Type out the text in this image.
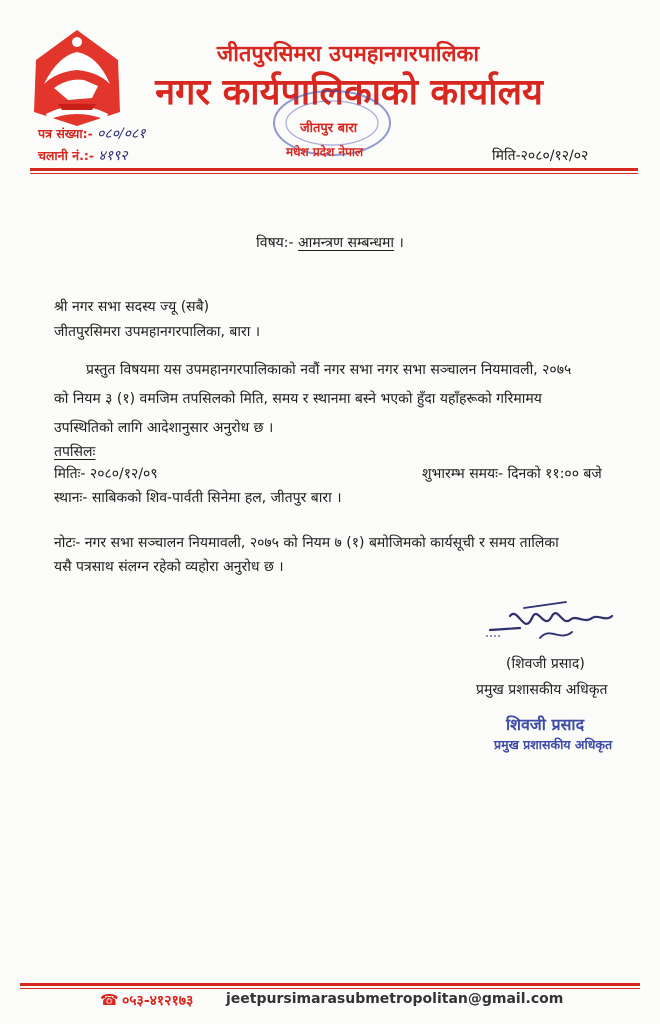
जीतपुरसिमरा उपमहानगरपालिका
नगर कार्यपालिकाको कार्यालय
जीतपुर बारा
मधेश प्रदेश नेपाल
पत्र संख्या:- ०८०/०८१
चलानी नं.:- ४१९२	मिति-२०८०/१२/०२
विषय:- आमन्त्रण सम्बन्धमा ।
श्री नगर सभा सदस्य ज्यू (सबै)
जीतपुरसिमरा उपमहानगरपालिका, बारा ।
प्रस्तुत विषयमा यस उपमहानगरपालिकाको नवौं नगर सभा नगर सभा सञ्चालन नियमावली, २०७५
को नियम ३ (१) वमजिम तपसिलको मिति, समय र स्थानमा बस्ने भएको हुँदा यहाँहरूको गरिमामय
उपस्थितिको लागि आदेशानुसार अनुरोध छ ।
तपसिलः
मितिः- २०८०/१२/०९	शुभारम्भ समयः- दिनको ११:०० बजे
स्थानः- साबिकको शिव-पार्वती सिनेमा हल, जीतपुर बारा ।
नोटः- नगर सभा सञ्चालन नियमावली, २०७५ को नियम ७ (१) बमोजिमको कार्यसूची र समय तालिका
यसै पत्रसाथ संलग्न रहेको व्यहोरा अनुरोध छ ।
(शिवजी प्रसाद)
प्रमुख प्रशासकीय अधिकृत
शिवजी प्रसाद
प्रमुख प्रशासकीय अधिकृत
☎ ०५३-४१२१७३ jeetpursimarasubmetropolitan@gmail.com
